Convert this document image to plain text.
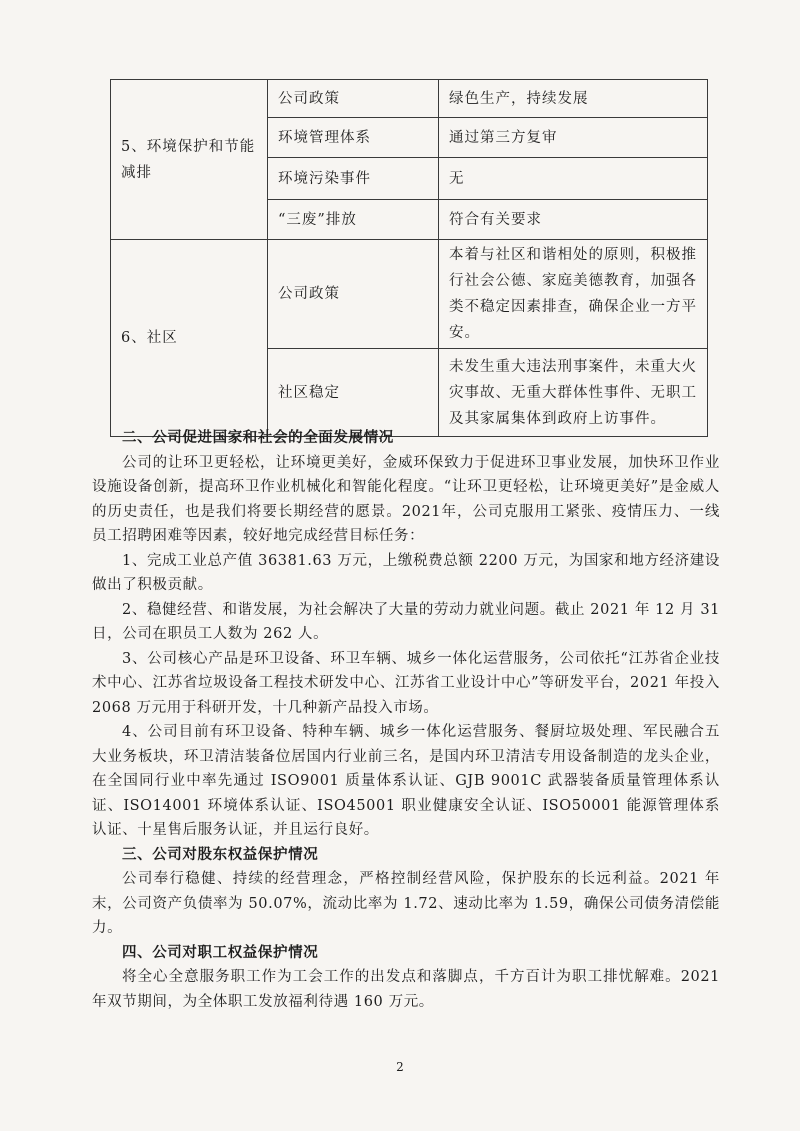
5、环境保护和节能减排	公司政策	绿色生产，持续发展
	环境管理体系	通过第三方复审
	环境污染事件	无
	“三废”排放	符合有关要求
6、社区	公司政策	本着与社区和谐相处的原则，积极推行社会公德、家庭美德教育，加强各类不稳定因素排查，确保企业一方平安。
	社区稳定	未发生重大违法刑事案件，未重大火灾事故、无重大群体性事件、无职工及其家属集体到政府上访事件。

二、公司促进国家和社会的全面发展情况

公司的让环卫更轻松，让环境更美好，金威环保致力于促进环卫事业发展，加快环卫作业设施设备创新，提高环卫作业机械化和智能化程度。“让环卫更轻松，让环境更美好”是金威人的历史责任，也是我们将要长期经营的愿景。2021年，公司克服用工紧张、疫情压力、一线员工招聘困难等因素，较好地完成经营目标任务：

1、完成工业总产值 36381.63 万元，上缴税费总额 2200 万元，为国家和地方经济建设做出了积极贡献。

2、稳健经营、和谐发展，为社会解决了大量的劳动力就业问题。截止 2021 年 12 月 31 日，公司在职员工人数为 262 人。

3、公司核心产品是环卫设备、环卫车辆、城乡一体化运营服务，公司依托“江苏省企业技术中心、江苏省垃圾设备工程技术研发中心、江苏省工业设计中心”等研发平台，2021 年投入 2068 万元用于科研开发，十几种新产品投入市场。

4、公司目前有环卫设备、特种车辆、城乡一体化运营服务、餐厨垃圾处理、军民融合五大业务板块，环卫清洁装备位居国内行业前三名，是国内环卫清洁专用设备制造的龙头企业，在全国同行业中率先通过 ISO9001 质量体系认证、GJB 9001C 武器装备质量管理体系认证、ISO14001 环境体系认证、ISO45001 职业健康安全认证、ISO50001 能源管理体系认证、十星售后服务认证，并且运行良好。

三、公司对股东权益保护情况

公司奉行稳健、持续的经营理念，严格控制经营风险，保护股东的长远利益。2021 年末，公司资产负债率为 50.07%，流动比率为 1.72、速动比率为 1.59，确保公司债务清偿能力。

四、公司对职工权益保护情况

将全心全意服务职工作为工会工作的出发点和落脚点，千方百计为职工排忧解难。2021 年双节期间，为全体职工发放福利待遇 160 万元。

2
